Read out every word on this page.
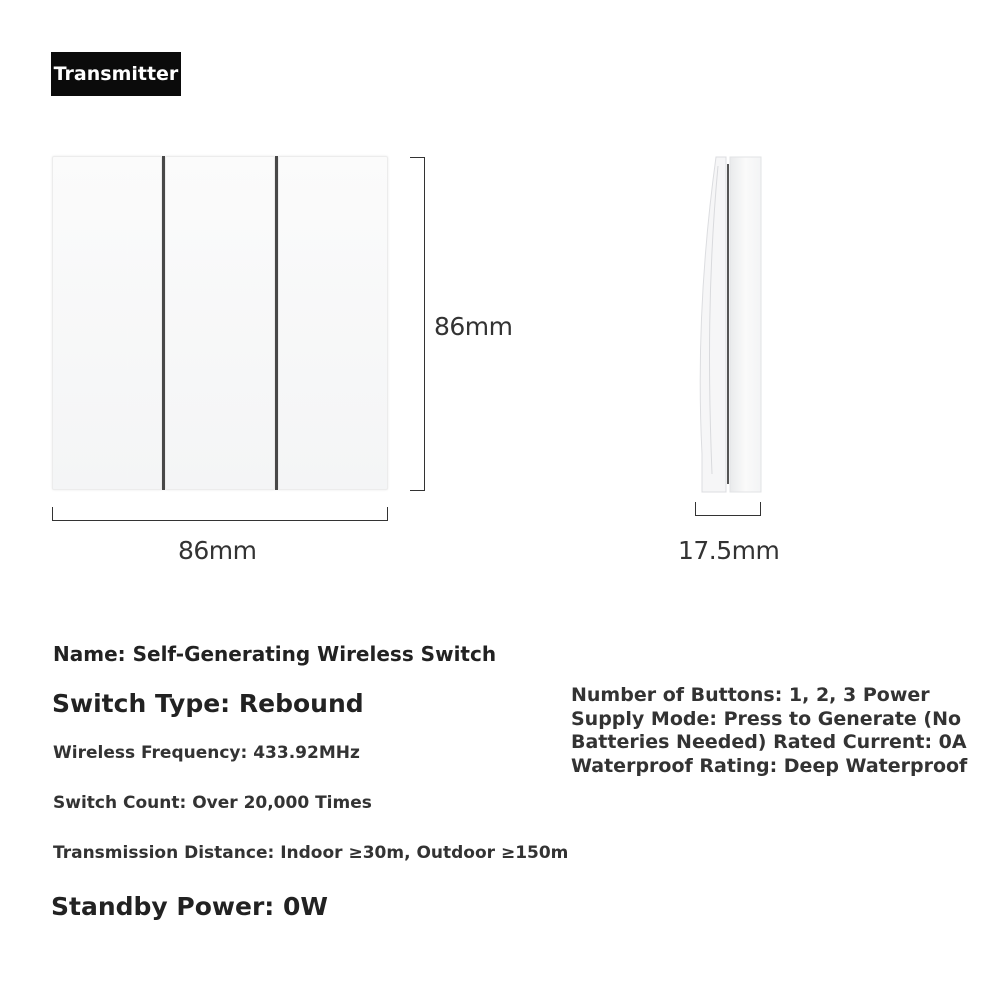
Transmitter
86mm
86mm	17.5mm
Name: Self-Generating Wireless Switch
Switch Type: Rebound
Wireless Frequency: 433.92MHz
Switch Count: Over 20,000 Times
Transmission Distance: Indoor ≥30m, Outdoor ≥150m
Standby Power: 0W
Number of Buttons: 1, 2, 3 Power
Supply Mode: Press to Generate (No
Batteries Needed) Rated Current: 0A
Waterproof Rating: Deep Waterproof
